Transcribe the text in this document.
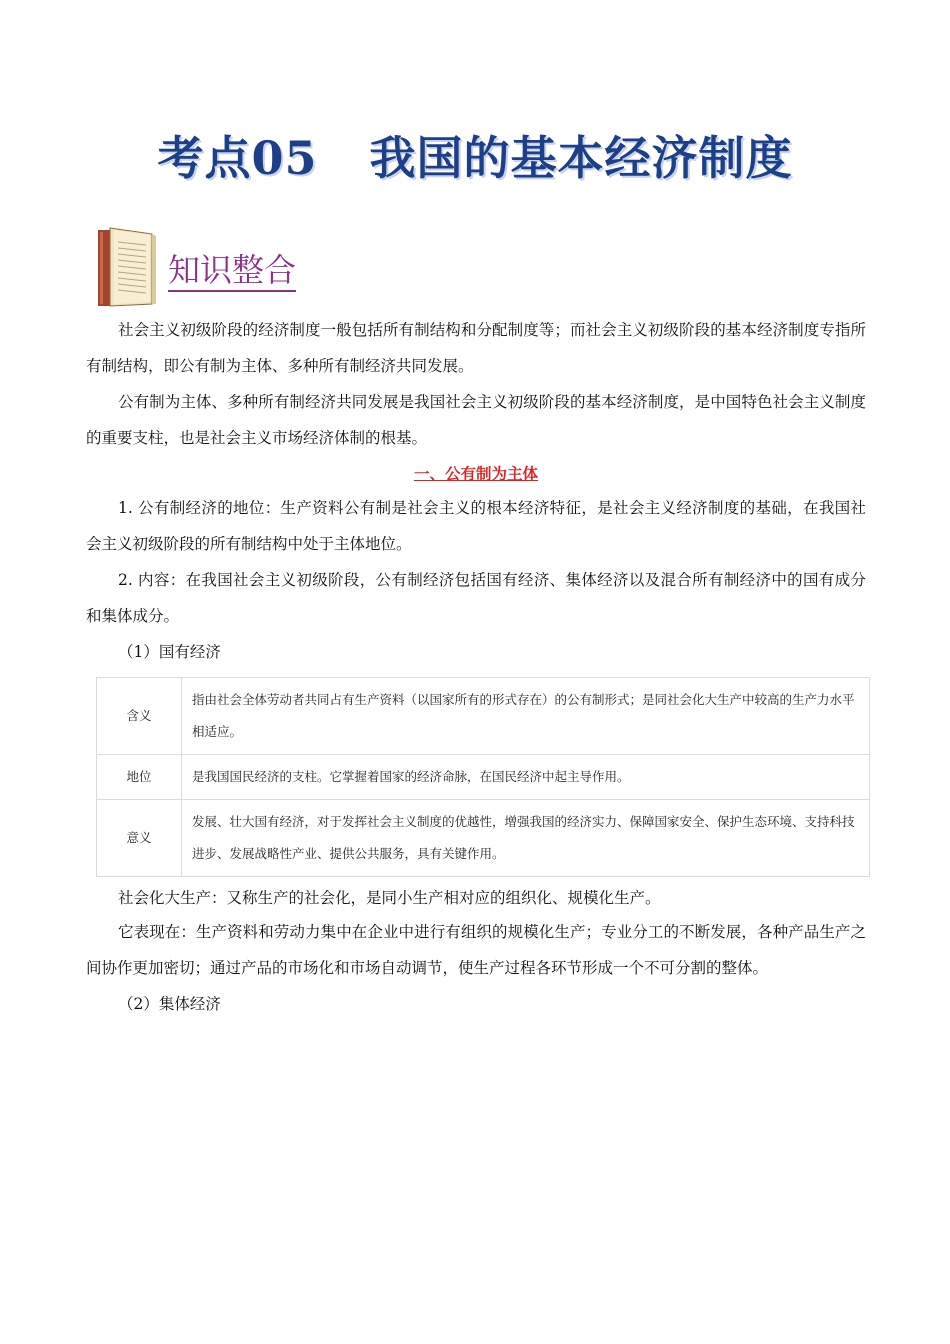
考点05 我国的基本经济制度
知识整合

社会主义初级阶段的经济制度一般包括所有制结构和分配制度等；而社会主义初级阶段的基本经济制度专指所有制结构，即公有制为主体、多种所有制经济共同发展。

公有制为主体、多种所有制经济共同发展是我国社会主义初级阶段的基本经济制度，是中国特色社会主义制度的重要支柱，也是社会主义市场经济体制的根基。

一、公有制为主体

1. 公有制经济的地位：生产资料公有制是社会主义的根本经济特征，是社会主义经济制度的基础，在我国社会主义初级阶段的所有制结构中处于主体地位。

2. 内容：在我国社会主义初级阶段，公有制经济包括国有经济、集体经济以及混合所有制经济中的国有成分和集体成分。

（1）国有经济

含义	指由社会全体劳动者共同占有生产资料（以国家所有的形式存在）的公有制形式；是同社会化大生产中较高的生产力水平相适应。
地位	是我国国民经济的支柱。它掌握着国家的经济命脉，在国民经济中起主导作用。
意义	发展、壮大国有经济，对于发挥社会主义制度的优越性，增强我国的经济实力、保障国家安全、保护生态环境、支持科技进步、发展战略性产业、提供公共服务，具有关键作用。

社会化大生产：又称生产的社会化，是同小生产相对应的组织化、规模化生产。

它表现在：生产资料和劳动力集中在企业中进行有组织的规模化生产；专业分工的不断发展，各种产品生产之间协作更加密切；通过产品的市场化和市场自动调节，使生产过程各环节形成一个不可分割的整体。

（2）集体经济
